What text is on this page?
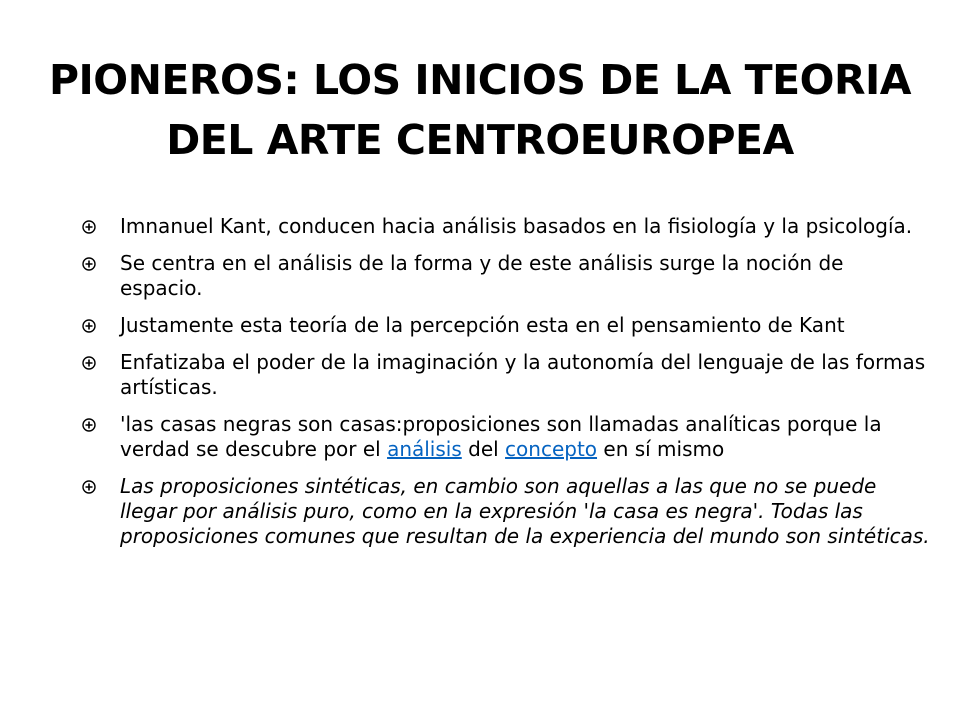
PIONEROS: LOS INICIOS DE LA TEORIA DEL ARTE CENTROEUROPEA
Imnanuel Kant, conducen hacia análisis basados en la fisiología y la psicología.
Se centra en el análisis de la forma y de este análisis surge la noción de espacio.
Justamente esta teoría de la percepción esta en el pensamiento de Kant
Enfatizaba el poder de la imaginación y la autonomía del lenguaje de las formas artísticas.
'las casas negras son casas:proposiciones son llamadas analíticas porque la verdad se descubre por el análisis del concepto en sí mismo
Las proposiciones sintéticas, en cambio son aquellas a las que no se puede llegar por análisis puro, como en la expresión 'la casa es negra'. Todas las proposiciones comunes que resultan de la experiencia del mundo son sintéticas.
